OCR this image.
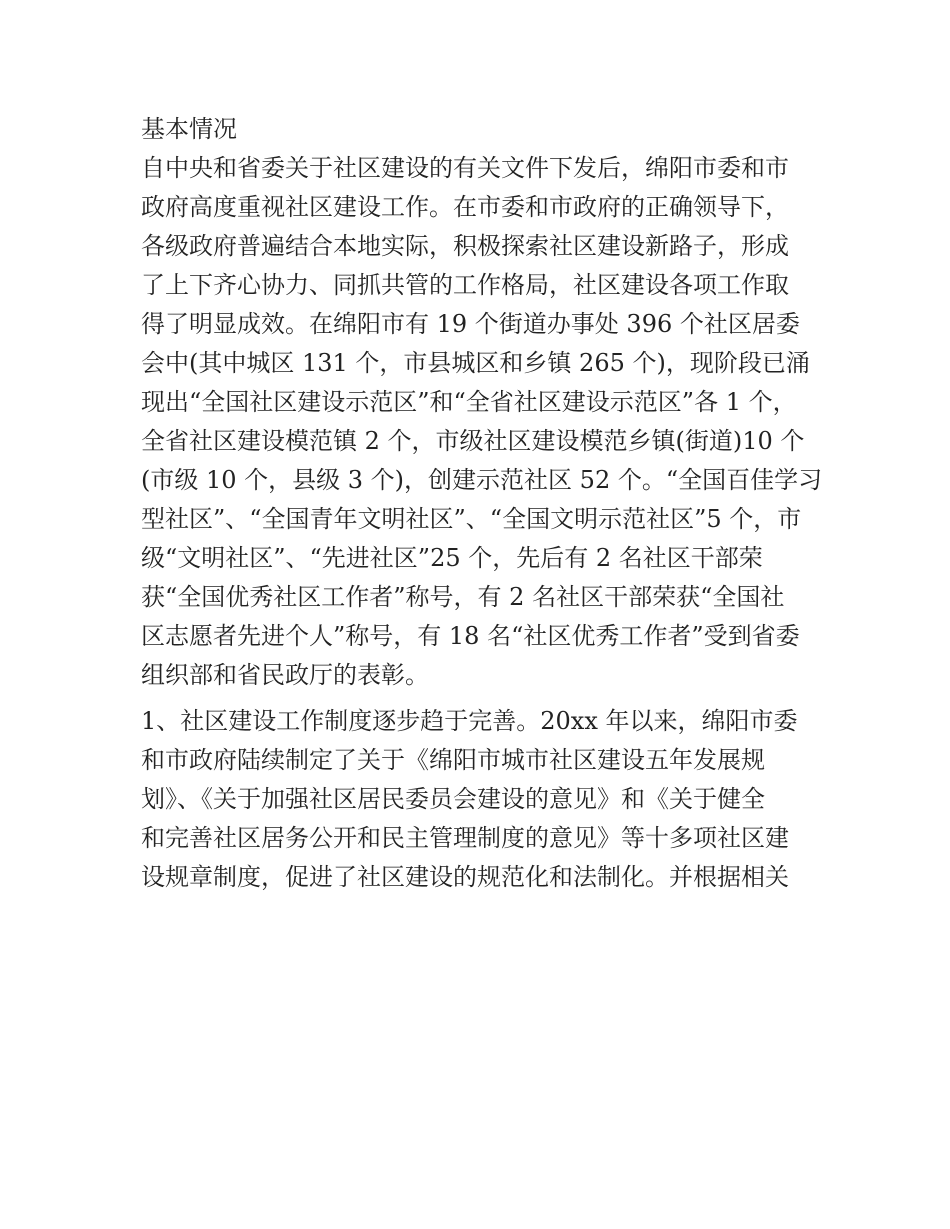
基本情况
自中央和省委关于社区建设的有关文件下发后，绵阳市委和市
政府高度重视社区建设工作。在市委和市政府的正确领导下，
各级政府普遍结合本地实际，积极探索社区建设新路子，形成
了上下齐心协力、同抓共管的工作格局，社区建设各项工作取
得了明显成效。在绵阳市有 19 个街道办事处 396 个社区居委
会中(其中城区 131 个，市县城区和乡镇 265 个)，现阶段已涌
现出“全国社区建设示范区”和“全省社区建设示范区”各 1 个，
全省社区建设模范镇 2 个，市级社区建设模范乡镇(街道)10 个
(市级 10 个，县级 3 个)，创建示范社区 52 个。“全国百佳学习
型社区”、“全国青年文明社区”、“全国文明示范社区”5 个，市
级“文明社区”、“先进社区”25 个，先后有 2 名社区干部荣
获“全国优秀社区工作者”称号，有 2 名社区干部荣获“全国社
区志愿者先进个人”称号，有 18 名“社区优秀工作者”受到省委
组织部和省民政厅的表彰。
1、社区建设工作制度逐步趋于完善。20xx 年以来，绵阳市委
和市政府陆续制定了关于《绵阳市城市社区建设五年发展规
划》、《关于加强社区居民委员会建设的意见》和《关于健全
和完善社区居务公开和民主管理制度的意见》等十多项社区建
设规章制度，促进了社区建设的规范化和法制化。并根据相关
